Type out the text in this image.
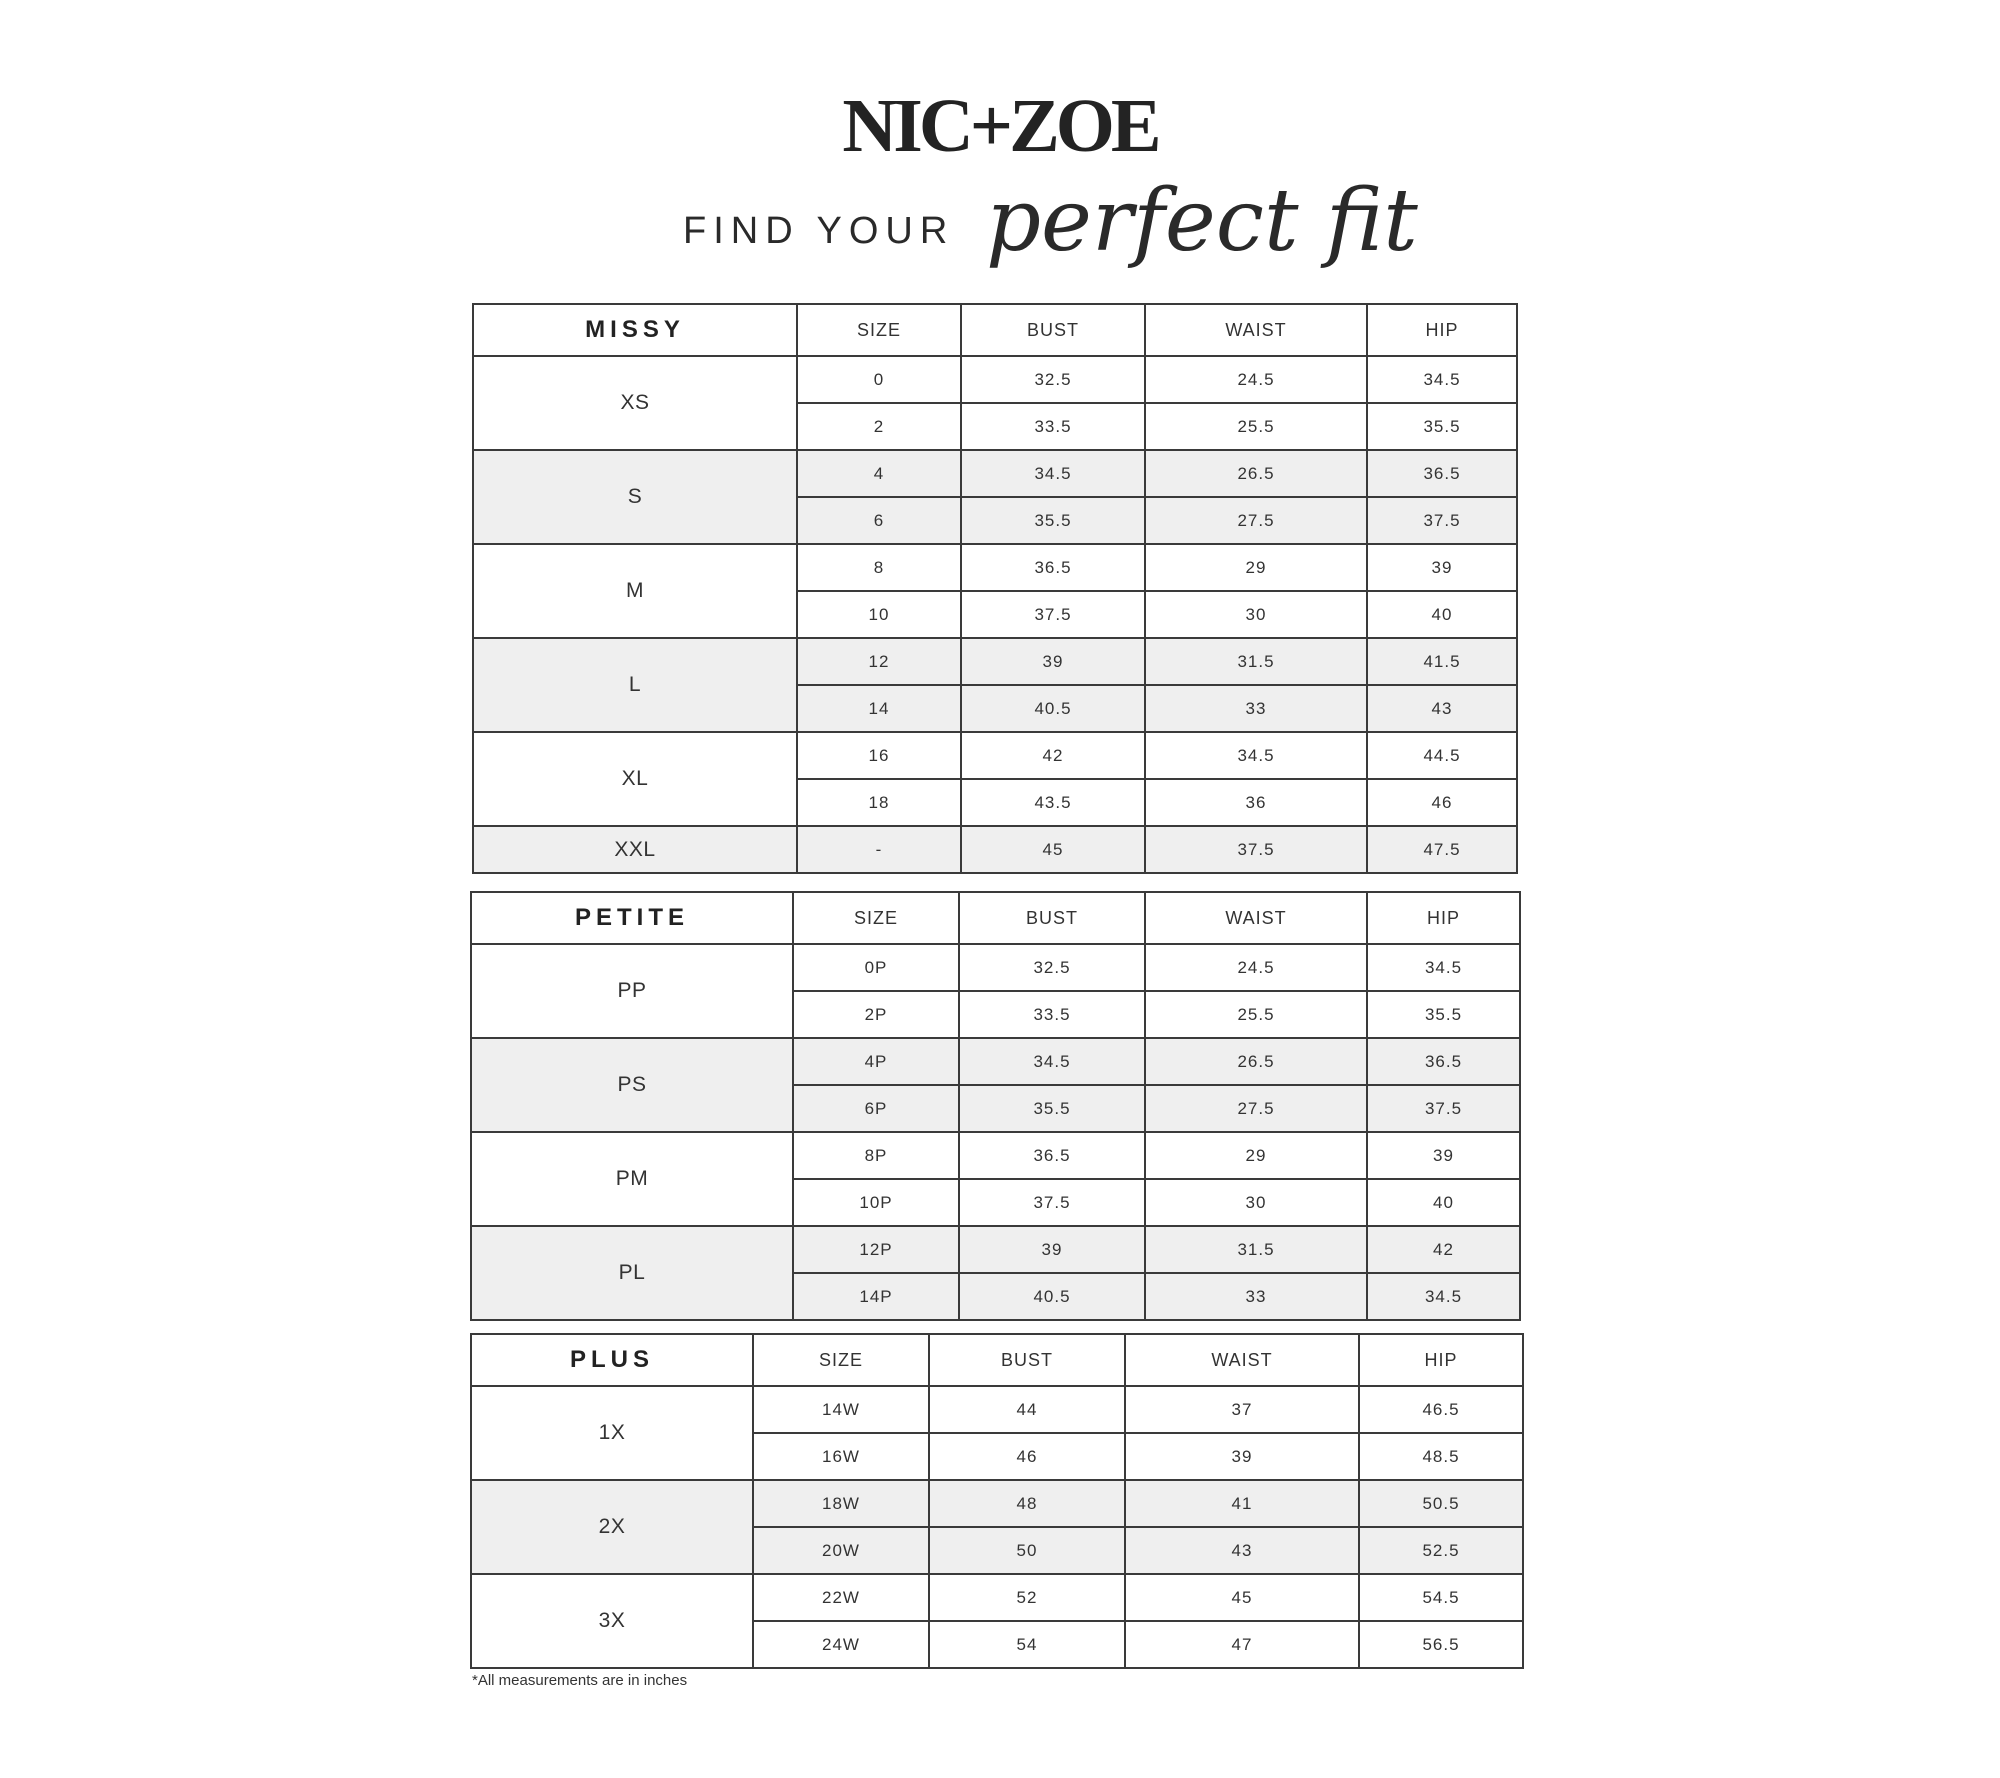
NIC+ZOE
FIND YOUR perfect fit
MISSY	SIZE	BUST	WAIST	HIP
XS	0	32.5	24.5	34.5
	2	33.5	25.5	35.5
S	4	34.5	26.5	36.5
	6	35.5	27.5	37.5
M	8	36.5	29	39
	10	37.5	30	40
L	12	39	31.5	41.5
	14	40.5	33	43
XL	16	42	34.5	44.5
	18	43.5	36	46
XXL	-	45	37.5	47.5
PETITE	SIZE	BUST	WAIST	HIP
PP	0P	32.5	24.5	34.5
	2P	33.5	25.5	35.5
PS	4P	34.5	26.5	36.5
	6P	35.5	27.5	37.5
PM	8P	36.5	29	39
	10P	37.5	30	40
PL	12P	39	31.5	42
	14P	40.5	33	34.5
PLUS	SIZE	BUST	WAIST	HIP
1X	14W	44	37	46.5
	16W	46	39	48.5
2X	18W	48	41	50.5
	20W	50	43	52.5
3X	22W	52	45	54.5
	24W	54	47	56.5
*All measurements are in inches
